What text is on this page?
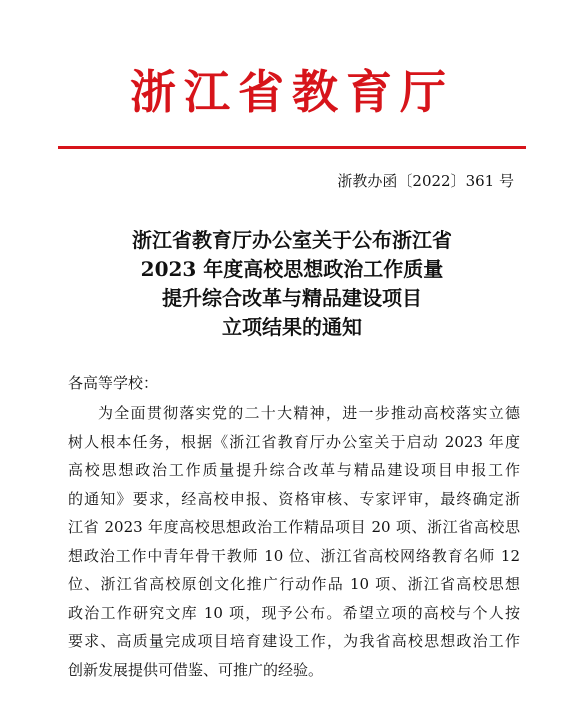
浙江省教育厅
浙教办函〔2022〕361 号
浙江省教育厅办公室关于公布浙江省
2023 年度高校思想政治工作质量
提升综合改革与精品建设项目
立项结果的通知
各高等学校：
为全面贯彻落实党的二十大精神，进一步推动高校落实立德
树人根本任务，根据《浙江省教育厅办公室关于启动 2023 年度
高校思想政治工作质量提升综合改革与精品建设项目申报工作
的通知》要求，经高校申报、资格审核、专家评审，最终确定浙
江省 2023 年度高校思想政治工作精品项目 20 项、浙江省高校思
想政治工作中青年骨干教师 10 位、浙江省高校网络教育名师 12
位、浙江省高校原创文化推广行动作品 10 项、浙江省高校思想
政治工作研究文库 10 项，现予公布。希望立项的高校与个人按
要求、高质量完成项目培育建设工作，为我省高校思想政治工作
创新发展提供可借鉴、可推广的经验。
